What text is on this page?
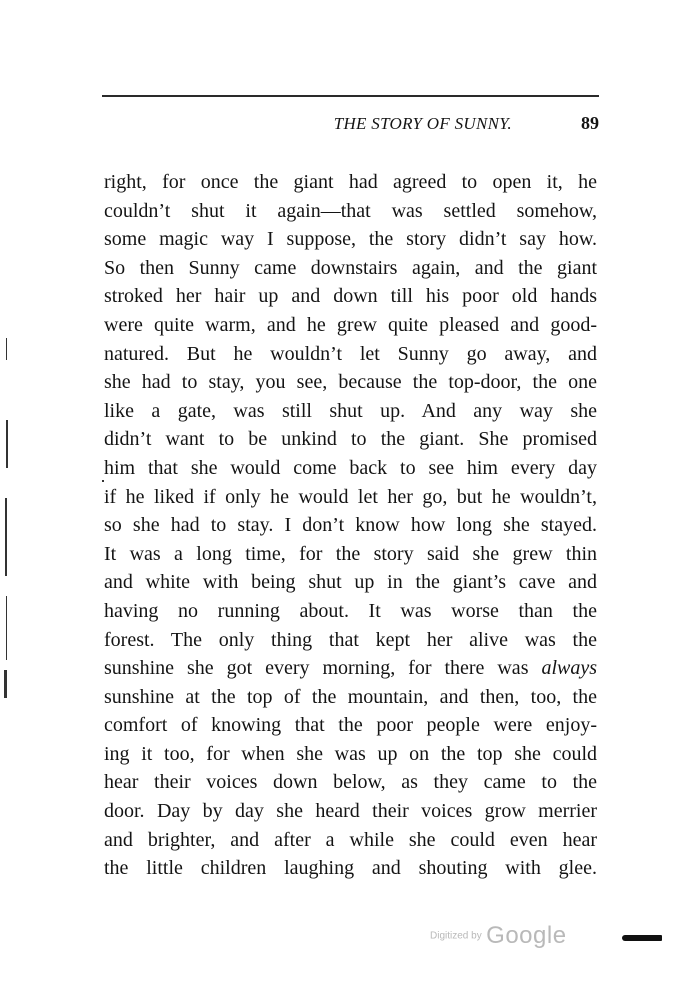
THE STORY OF SUNNY.	89
right, for once the giant had agreed to open it, he
couldn’t shut it again—that was settled somehow,
some magic way I suppose, the story didn’t say how.
So then Sunny came downstairs again, and the giant
stroked her hair up and down till his poor old hands
were quite warm, and he grew quite pleased and good-
natured. But he wouldn’t let Sunny go away, and
she had to stay, you see, because the top-door, the one
like a gate, was still shut up. And any way she
didn’t want to be unkind to the giant. She promised
him that she would come back to see him every day
if he liked if only he would let her go, but he wouldn’t,
so she had to stay. I don’t know how long she stayed.
It was a long time, for the story said she grew thin
and white with being shut up in the giant’s cave and
having no running about. It was worse than the
forest. The only thing that kept her alive was the
sunshine she got every morning, for there was always
sunshine at the top of the mountain, and then, too, the
comfort of knowing that the poor people were enjoy-
ing it too, for when she was up on the top she could
hear their voices down below, as they came to the
door. Day by day she heard their voices grow merrier
and brighter, and after a while she could even hear
the little children laughing and shouting with glee.
Digitized by Google
